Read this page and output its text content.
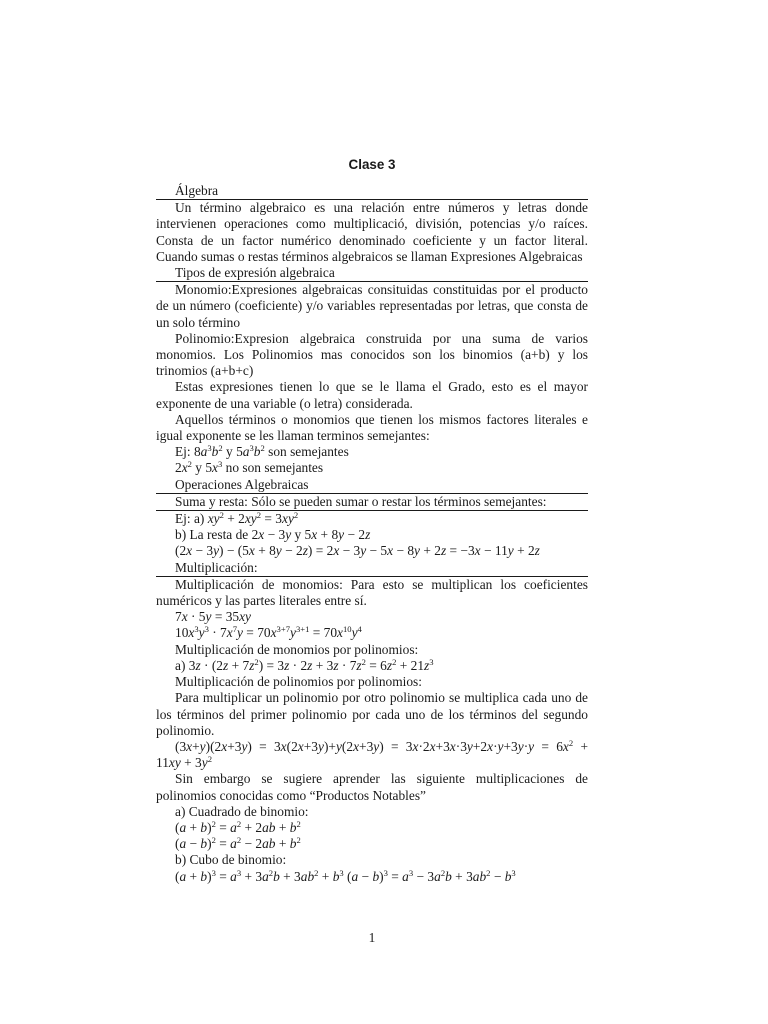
Clase 3

Álgebra

Un término algebraico es una relación entre números y letras donde intervienen operaciones como multiplicació, división, potencias y/o raíces. Consta de un factor numérico denominado coeficiente y un factor literal. Cuando sumas o restas términos algebraicos se llaman Expresiones Algebraicas

Tipos de expresión algebraica

Monomio:Expresiones algebraicas consituidas constituidas por el producto de un número (coeficiente) y/o variables representadas por letras, que consta de un solo término

Polinomio:Expresion algebraica construida por una suma de varios monomios. Los Polinomios mas conocidos son los binomios (a+b) y los trinomios (a+b+c)

Estas expresiones tienen lo que se le llama el Grado, esto es el mayor exponente de una variable (o letra) considerada.

Aquellos términos o monomios que tienen los mismos factores literales e igual exponente se les llaman terminos semejantes:

Ej: $8a^3b^2$ y $5a^3b^2$ son semejantes

$2x^2$ y $5x^3$ no son semejantes

Operaciones Algebraicas

Suma y resta: Sólo se pueden sumar o restar los términos semejantes:

Ej: a) $xy^2 + 2xy^2 = 3xy^2$

b) La resta de 2x − 3y y 5x + 8y − 2z

(2x − 3y) − (5x + 8y − 2z) = 2x − 3y − 5x − 8y + 2z = −3x − 11y + 2z

Multiplicación:

Multiplicación de monomios: Para esto se multiplican los coeficientes numéricos y las partes literales entre sí.

7x · 5y = 35xy

$10x^3y^3 \cdot 7x^7y = 70x^{3+7}y^{3+1} = 70x^{10}y^4$

Multiplicación de monomios por polinomios:

a) $3z \cdot (2z + 7z^2) = 3z \cdot 2z + 3z \cdot 7z^2 = 6z^2 + 21z^3$

Multiplicación de polinomios por polinomios:

Para multiplicar un polinomio por otro polinomio se multiplica cada uno de los términos del primer polinomio por cada uno de los términos del segundo polinomio.

$(3x+y)(2x+3y) = 3x(2x+3y)+y(2x+3y) = 3x\cdot 2x+3x\cdot 3y+2x\cdot y+3y\cdot y = 6x^2 + 11xy + 3y^2$

Sin embargo se sugiere aprender las siguiente multiplicaciones de polinomios conocidas como “Productos Notables”

a) Cuadrado de binomio:

$(a + b)^2 = a^2 + 2ab + b^2$

$(a - b)^2 = a^2 - 2ab + b^2$

b) Cubo de binomio:

$(a + b)^3 = a^3 + 3a^2b + 3ab^2 + b^3$ $(a - b)^3 = a^3 - 3a^2b + 3ab^2 - b^3$

1
